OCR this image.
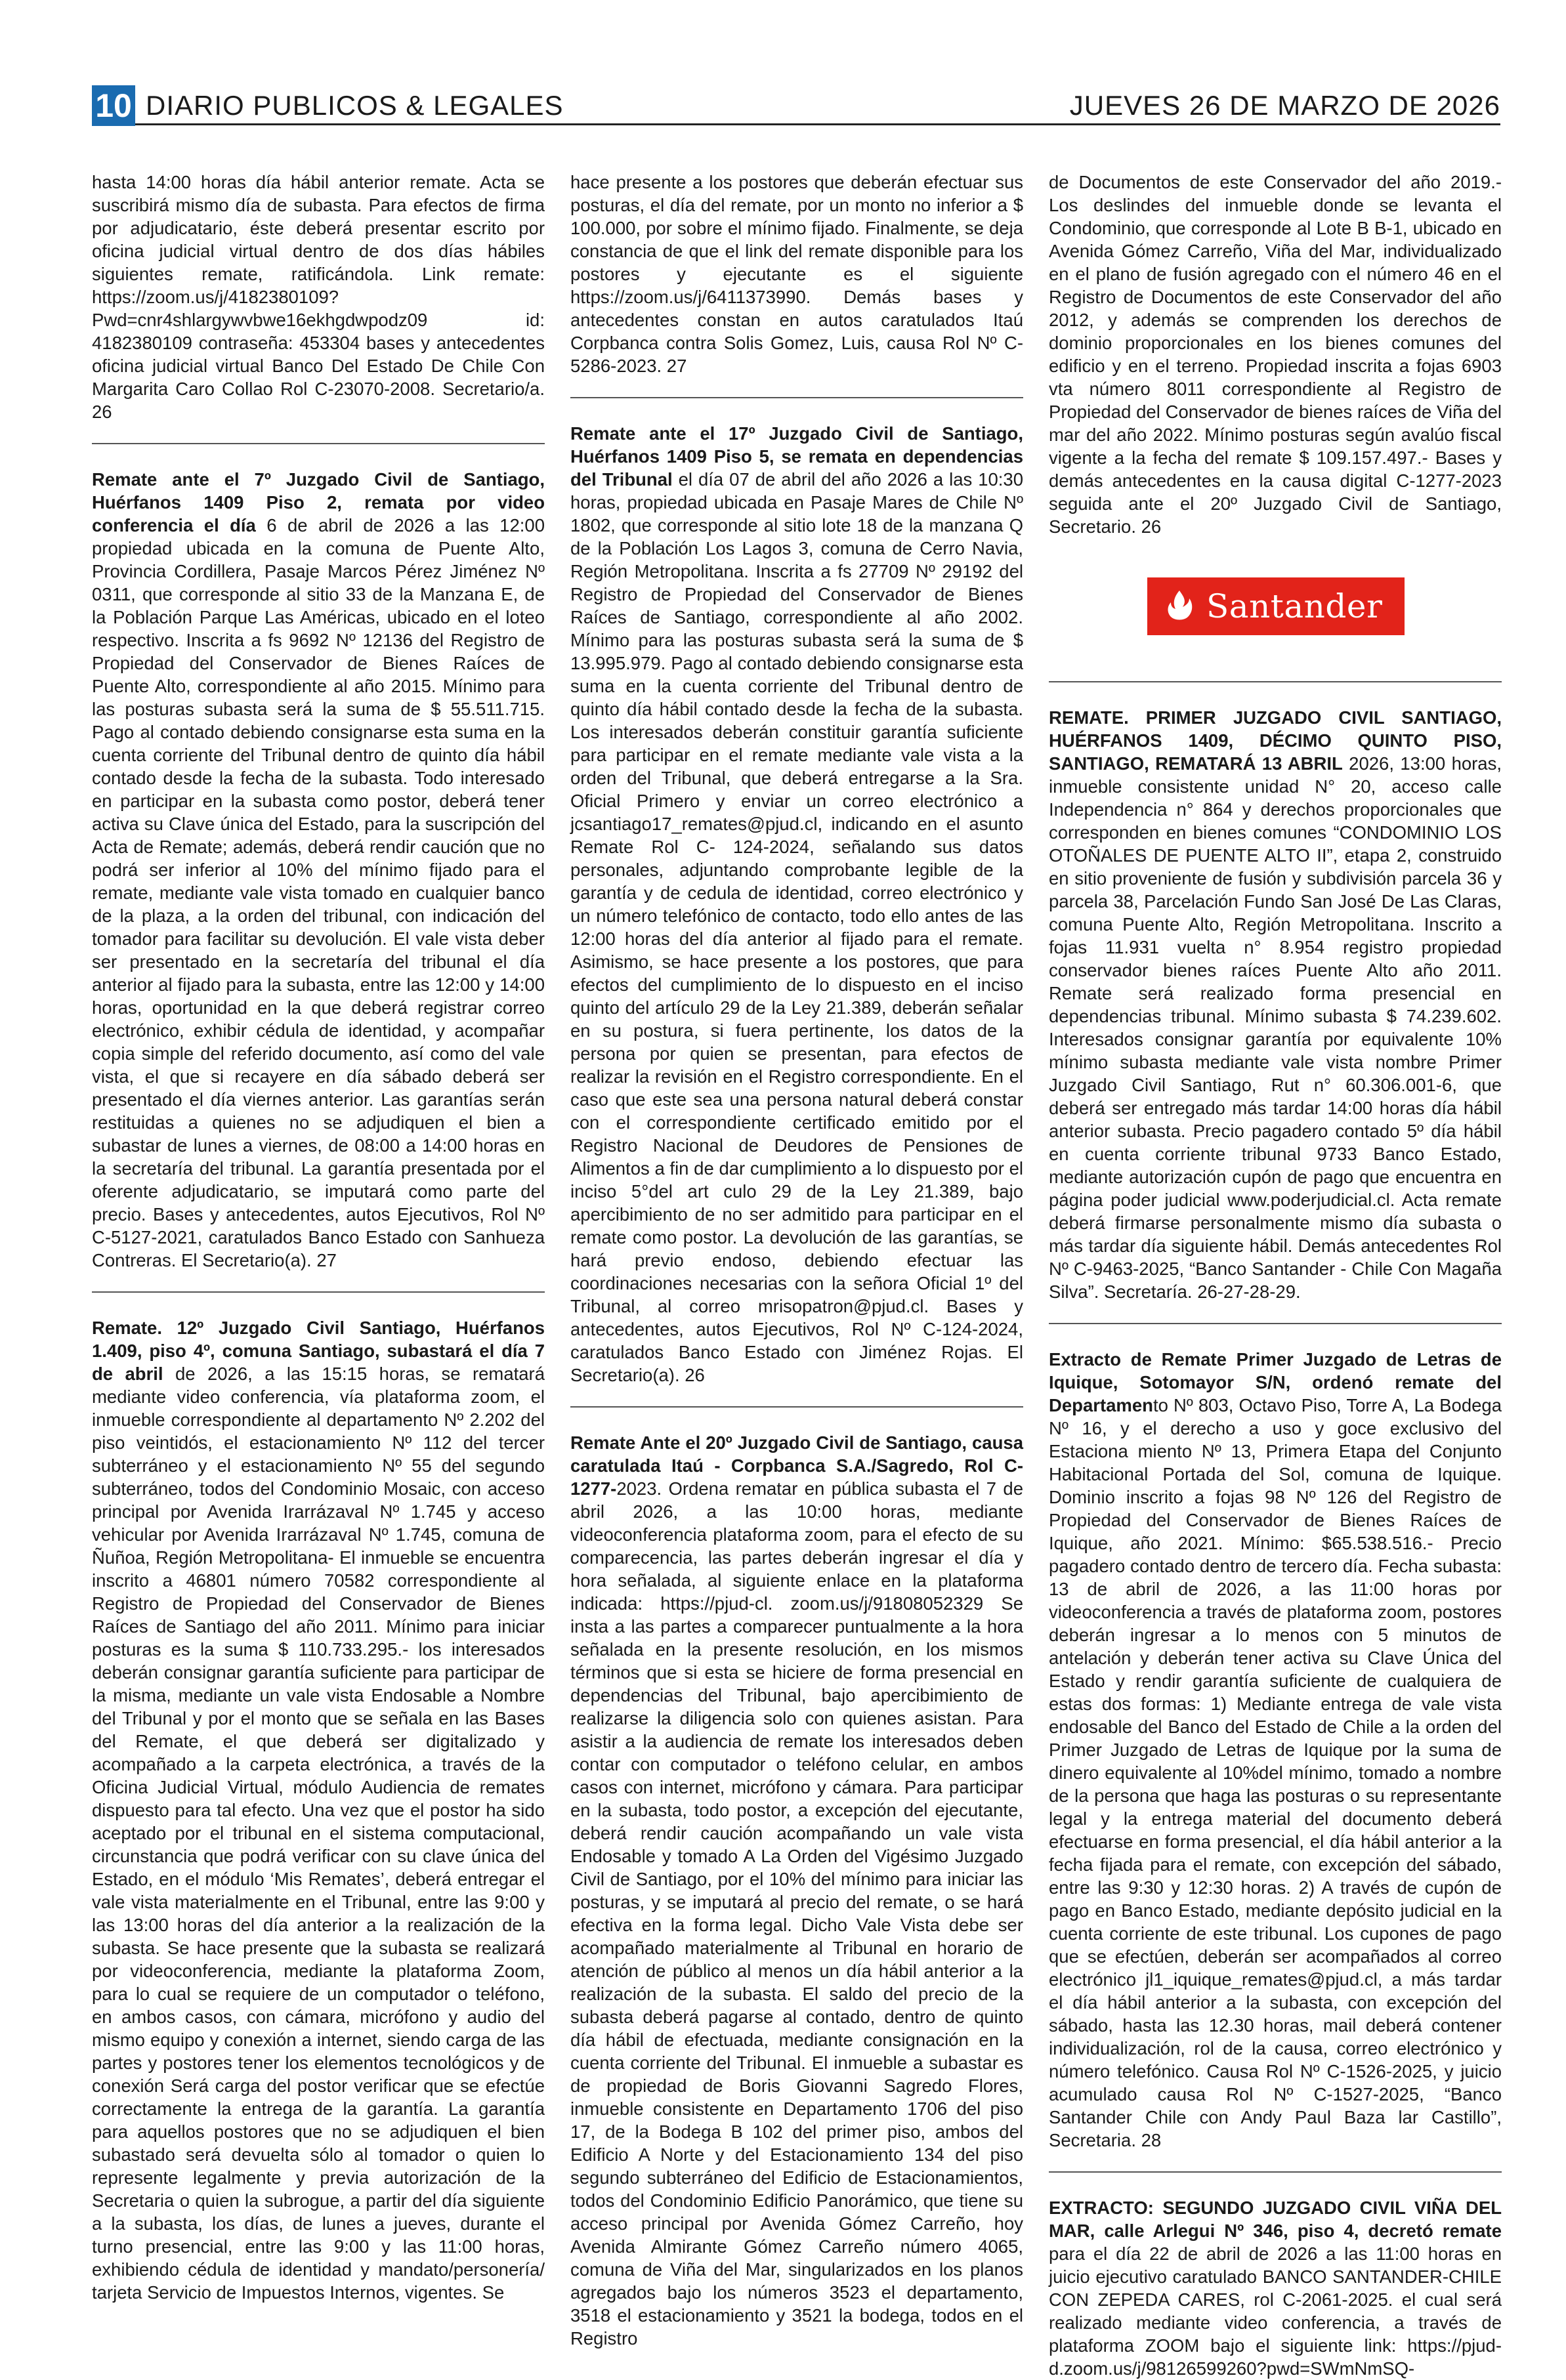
10 DIARIO PUBLICOS & LEGALES	JUEVES 26 DE MARZO DE 2026

hasta 14:00 horas día hábil anterior remate. Acta se suscribirá mismo día de subasta. Para efectos de firma por adjudicatario, éste deberá presentar escrito por oficina judicial virtual dentro de dos días hábiles siguientes remate, ratificándola. Link remate: https://zoom.us/j/4182380109? Pwd=cnr4shlargywvbwe16ekhgdwpodz09 id: 4182380109 contraseña: 453304 bases y antecedentes oficina judicial virtual Banco Del Estado De Chile Con Margarita Caro Collao Rol C-23070-2008. Secretario/a. 26

Remate ante el 7º Juzgado Civil de Santiago, Huérfanos 1409 Piso 2, remata por video conferencia el día 6 de abril de 2026 a las 12:00 propiedad ubicada en la comuna de Puente Alto, Provincia Cordillera, Pasaje Marcos Pérez Jiménez Nº 0311, que corresponde al sitio 33 de la Manzana E, de la Población Parque Las Américas, ubicado en el loteo respectivo. Inscrita a fs 9692 Nº 12136 del Registro de Propiedad del Conservador de Bienes Raíces de Puente Alto, correspondiente al año 2015. Mínimo para las posturas subasta será la suma de $ 55.511.715. Pago al contado debiendo consignarse esta suma en la cuenta corriente del Tribunal dentro de quinto día hábil contado desde la fecha de la subasta. Todo interesado en participar en la subasta como postor, deberá tener activa su Clave única del Estado, para la suscripción del Acta de Remate; además, deberá rendir caución que no podrá ser inferior al 10% del mínimo fijado para el remate, mediante vale vista tomado en cualquier banco de la plaza, a la orden del tribunal, con indicación del tomador para facilitar su devolución. El vale vista deber ser presentado en la secretaría del tribunal el día anterior al fijado para la subasta, entre las 12:00 y 14:00 horas, oportunidad en la que deberá registrar correo electrónico, exhibir cédula de identidad, y acompañar copia simple del referido documento, así como del vale vista, el que si recayere en día sábado deberá ser presentado el día viernes anterior. Las garantías serán restituidas a quienes no se adjudiquen el bien a subastar de lunes a viernes, de 08:00 a 14:00 horas en la secretaría del tribunal. La garantía presentada por el oferente adjudicatario, se imputará como parte del precio. Bases y antecedentes, autos Ejecutivos, Rol Nº C-5127-2021, caratulados Banco Estado con Sanhueza Contreras. El Secretario(a). 27

Remate. 12º Juzgado Civil Santiago, Huérfanos 1.409, piso 4º, comuna Santiago, subastará el día 7 de abril de 2026, a las 15:15 horas, se rematará mediante video conferencia, vía plataforma zoom, el inmueble correspondiente al departamento Nº 2.202 del piso veintidós, el estacionamiento Nº 112 del tercer subterráneo y el estacionamiento Nº 55 del segundo subterráneo, todos del Condominio Mosaic, con acceso principal por Avenida Irarrázaval Nº 1.745 y acceso vehicular por Avenida Irarrázaval Nº 1.745, comuna de Ñuñoa, Región Metropolitana- El inmueble se encuentra inscrito a 46801 número 70582 correspondiente al Registro de Propiedad del Conservador de Bienes Raíces de Santiago del año 2011. Mínimo para iniciar posturas es la suma $ 110.733.295.- los interesados deberán consignar garantía suficiente para participar de la misma, mediante un vale vista Endosable a Nombre del Tribunal y por el monto que se señala en las Bases del Remate, el que deberá ser digitalizado y acompañado a la carpeta electrónica, a través de la Oficina Judicial Virtual, módulo Audiencia de remates dispuesto para tal efecto. Una vez que el postor ha sido aceptado por el tribunal en el sistema computacional, circunstancia que podrá verificar con su clave única del Estado, en el módulo ‘Mis Remates’, deberá entregar el vale vista materialmente en el Tribunal, entre las 9:00 y las 13:00 horas del día anterior a la realización de la subasta. Se hace presente que la subasta se realizará por videoconferencia, mediante la plataforma Zoom, para lo cual se requiere de un computador o teléfono, en ambos casos, con cámara, micrófono y audio del mismo equipo y conexión a internet, siendo carga de las partes y postores tener los elementos tecnológicos y de conexión Será carga del postor verificar que se efectúe correctamente la entrega de la garantía. La garantía para aquellos postores que no se adjudiquen el bien subastado será devuelta sólo al tomador o quien lo represente legalmente y previa autorización de la Secretaria o quien la subrogue, a partir del día siguiente a la subasta, los días, de lunes a jueves, durante el turno presencial, entre las 9:00 y las 11:00 horas, exhibiendo cédula de identidad y mandato/personería/ tarjeta Servicio de Impuestos Internos, vigentes. Se

hace presente a los postores que deberán efectuar sus posturas, el día del remate, por un monto no inferior a $ 100.000, por sobre el mínimo fijado. Finalmente, se deja constancia de que el link del remate disponible para los postores y ejecutante es el siguiente https://zoom.us/j/6411373990. Demás bases y antecedentes constan en autos caratulados Itaú Corpbanca contra Solis Gomez, Luis, causa Rol Nº C-5286-2023. 27

Remate ante el 17º Juzgado Civil de Santiago, Huérfanos 1409 Piso 5, se remata en dependencias del Tribunal el día 07 de abril del año 2026 a las 10:30 horas, propiedad ubicada en Pasaje Mares de Chile Nº 1802, que corresponde al sitio lote 18 de la manzana Q de la Población Los Lagos 3, comuna de Cerro Navia, Región Metropolitana. Inscrita a fs 27709 Nº 29192 del Registro de Propiedad del Conservador de Bienes Raíces de Santiago, correspondiente al año 2002. Mínimo para las posturas subasta será la suma de $ 13.995.979. Pago al contado debiendo consignarse esta suma en la cuenta corriente del Tribunal dentro de quinto día hábil contado desde la fecha de la subasta. Los interesados deberán constituir garantía suficiente para participar en el remate mediante vale vista a la orden del Tribunal, que deberá entregarse a la Sra. Oficial Primero y enviar un correo electrónico a jcsantiago17_remates@pjud.cl, indicando en el asunto Remate Rol C- 124-2024, señalando sus datos personales, adjuntando comprobante legible de la garantía y de cedula de identidad, correo electrónico y un número telefónico de contacto, todo ello antes de las 12:00 horas del día anterior al fijado para el remate. Asimismo, se hace presente a los postores, que para efectos del cumplimiento de lo dispuesto en el inciso quinto del artículo 29 de la Ley 21.389, deberán señalar en su postura, si fuera pertinente, los datos de la persona por quien se presentan, para efectos de realizar la revisión en el Registro correspondiente. En el caso que este sea una persona natural deberá constar con el correspondiente certificado emitido por el Registro Nacional de Deudores de Pensiones de Alimentos a fin de dar cumplimiento a lo dispuesto por el inciso 5°del art culo 29 de la Ley 21.389, bajo apercibimiento de no ser admitido para participar en el remate como postor. La devolución de las garantías, se hará previo endoso, debiendo efectuar las coordinaciones necesarias con la señora Oficial 1º del Tribunal, al correo mrisopatron@pjud.cl. Bases y antecedentes, autos Ejecutivos, Rol Nº C-124-2024, caratulados Banco Estado con Jiménez Rojas. El Secretario(a). 26

Remate Ante el 20º Juzgado Civil de Santiago, causa caratulada Itaú - Corpbanca S.A./Sagredo, Rol C-1277-2023. Ordena rematar en pública subasta el 7 de abril 2026, a las 10:00 horas, mediante videoconferencia plataforma zoom, para el efecto de su comparecencia, las partes deberán ingresar el día y hora señalada, al siguiente enlace en la plataforma indicada: https://pjud-cl. zoom.us/j/91808052329 Se insta a las partes a comparecer puntualmente a la hora señalada en la presente resolución, en los mismos términos que si esta se hiciere de forma presencial en dependencias del Tribunal, bajo apercibimiento de realizarse la diligencia solo con quienes asistan. Para asistir a la audiencia de remate los interesados deben contar con computador o teléfono celular, en ambos casos con internet, micrófono y cámara. Para participar en la subasta, todo postor, a excepción del ejecutante, deberá rendir caución acompañando un vale vista Endosable y tomado A La Orden del Vigésimo Juzgado Civil de Santiago, por el 10% del mínimo para iniciar las posturas, y se imputará al precio del remate, o se hará efectiva en la forma legal. Dicho Vale Vista debe ser acompañado materialmente al Tribunal en horario de atención de público al menos un día hábil anterior a la realización de la subasta. El saldo del precio de la subasta deberá pagarse al contado, dentro de quinto día hábil de efectuada, mediante consignación en la cuenta corriente del Tribunal. El inmueble a subastar es de propiedad de Boris Giovanni Sagredo Flores, inmueble consistente en Departamento 1706 del piso 17, de la Bodega B 102 del primer piso, ambos del Edificio A Norte y del Estacionamiento 134 del piso segundo subterráneo del Edificio de Estacionamientos, todos del Condominio Edificio Panorámico, que tiene su acceso principal por Avenida Gómez Carreño, hoy Avenida Almirante Gómez Carreño número 4065, comuna de Viña del Mar, singularizados en los planos agregados bajo los números 3523 el departamento, 3518 el estacionamiento y 3521 la bodega, todos en el Registro

de Documentos de este Conservador del año 2019.- Los deslindes del inmueble donde se levanta el Condominio, que corresponde al Lote B B-1, ubicado en Avenida Gómez Carreño, Viña del Mar, individualizado en el plano de fusión agregado con el número 46 en el Registro de Documentos de este Conservador del año 2012, y además se comprenden los derechos de dominio proporcionales en los bienes comunes del edificio y en el terreno. Propiedad inscrita a fojas 6903 vta número 8011 correspondiente al Registro de Propiedad del Conservador de bienes raíces de Viña del mar del año 2022. Mínimo posturas según avalúo fiscal vigente a la fecha del remate $ 109.157.497.- Bases y demás antecedentes en la causa digital C-1277-2023 seguida ante el 20º Juzgado Civil de Santiago, Secretario. 26

Santander

REMATE. PRIMER JUZGADO CIVIL SANTIAGO, HUÉRFANOS 1409, DÉCIMO QUINTO PISO, SANTIAGO, REMATARÁ 13 ABRIL 2026, 13:00 horas, inmueble consistente unidad N° 20, acceso calle Independencia n° 864 y derechos proporcionales que corresponden en bienes comunes “CONDOMINIO LOS OTOÑALES DE PUENTE ALTO II”, etapa 2, construido en sitio proveniente de fusión y subdivisión parcela 36 y parcela 38, Parcelación Fundo San José De Las Claras, comuna Puente Alto, Región Metropolitana. Inscrito a fojas 11.931 vuelta n° 8.954 registro propiedad conservador bienes raíces Puente Alto año 2011. Remate será realizado forma presencial en dependencias tribunal. Mínimo subasta $ 74.239.602. Interesados consignar garantía por equivalente 10% mínimo subasta mediante vale vista nombre Primer Juzgado Civil Santiago, Rut n° 60.306.001-6, que deberá ser entregado más tardar 14:00 horas día hábil anterior subasta. Precio pagadero contado 5º día hábil en cuenta corriente tribunal 9733 Banco Estado, mediante autorización cupón de pago que encuentra en página poder judicial www.poderjudicial.cl. Acta remate deberá firmarse personalmente mismo día subasta o más tardar día siguiente hábil. Demás antecedentes Rol Nº C-9463-2025, “Banco Santander - Chile Con Magaña Silva”. Secretaría. 26-27-28-29.

Extracto de Remate Primer Juzgado de Letras de Iquique, Sotomayor S/N, ordenó remate del Departamento Nº 803, Octavo Piso, Torre A, La Bodega Nº 16, y el derecho a uso y goce exclusivo del Estaciona miento Nº 13, Primera Etapa del Conjunto Habitacional Portada del Sol, comuna de Iquique. Dominio inscrito a fojas 98 Nº 126 del Registro de Propiedad del Conservador de Bienes Raíces de Iquique, año 2021. Mínimo: $65.538.516.- Precio pagadero contado dentro de tercero día. Fecha subasta: 13 de abril de 2026, a las 11:00 horas por videoconferencia a través de plataforma zoom, postores deberán ingresar a lo menos con 5 minutos de antelación y deberán tener activa su Clave Única del Estado y rendir garantía suficiente de cualquiera de estas dos formas: 1) Mediante entrega de vale vista endosable del Banco del Estado de Chile a la orden del Primer Juzgado de Letras de Iquique por la suma de dinero equivalente al 10%del mínimo, tomado a nombre de la persona que haga las posturas o su representante legal y la entrega material del documento deberá efectuarse en forma presencial, el día hábil anterior a la fecha fijada para el remate, con excepción del sábado, entre las 9:30 y 12:30 horas. 2) A través de cupón de pago en Banco Estado, mediante depósito judicial en la cuenta corriente de este tribunal. Los cupones de pago que se efectúen, deberán ser acompañados al correo electrónico jl1_iquique_remates@pjud.cl, a más tardar el día hábil anterior a la subasta, con excepción del sábado, hasta las 12.30 horas, mail deberá contener individualización, rol de la causa, correo electrónico y número telefónico. Causa Rol Nº C-1526-2025, y juicio acumulado causa Rol Nº C-1527-2025, “Banco Santander Chile con Andy Paul Baza lar Castillo”, Secretaria. 28

EXTRACTO: SEGUNDO JUZGADO CIVIL VIÑA DEL MAR, calle Arlegui Nº 346, piso 4, decretó remate para el día 22 de abril de 2026 a las 11:00 horas en juicio ejecutivo caratulado BANCO SANTANDER-CHILE CON ZEPEDA CARES, rol C-2061-2025. el cual será realizado mediante video conferencia, a través de plataforma ZOOM bajo el siguiente link: https://pjud-d.zoom.us/j/98126599260?pwd=SWmNmSQ-
